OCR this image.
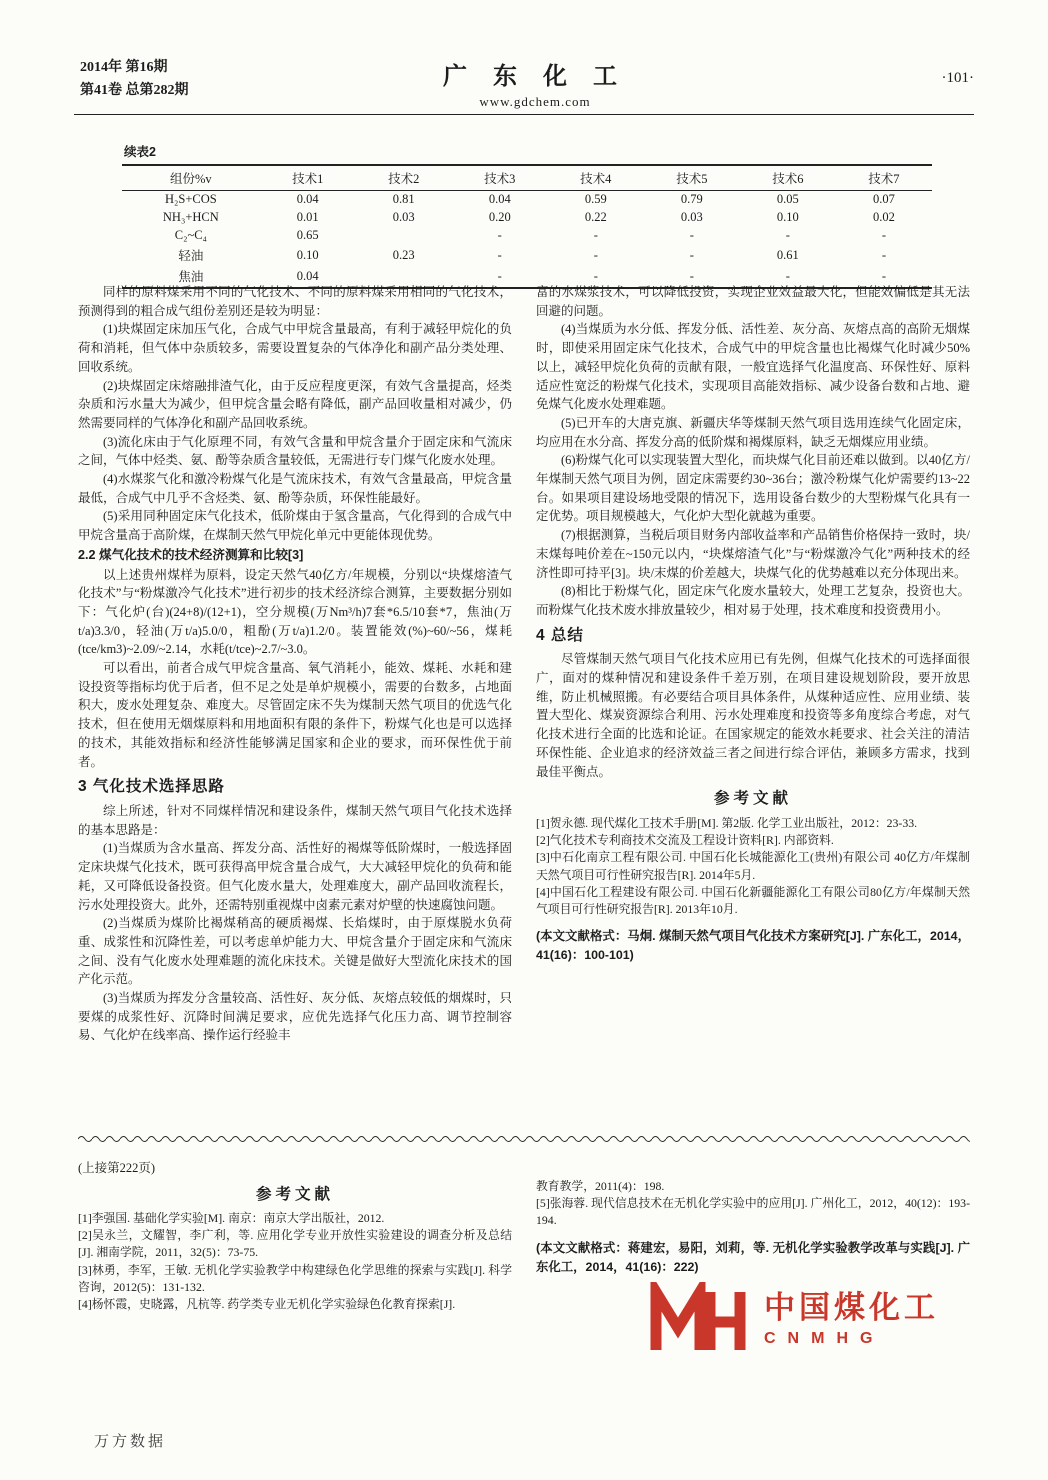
2014年 第16期
第41卷 总第282期
广 东 化 工
www.gdchem.com
·101·
续表2
组份%v	技术1	技术2	技术3	技术4	技术5	技术6	技术7
H₂S+COS	0.04	0.81	0.04	0.59	0.79	0.05	0.07
NH₃+HCN	0.01	0.03	0.20	0.22	0.03	0.10	0.02
C₂~C₄	0.65		-	-	-	-	-
轻油	0.10	0.23	-	-	-	0.61	-
焦油	0.04		-	-	-	-	-

同样的原料煤采用不同的气化技术、不同的原料煤采用相同的气化技术，预测得到的粗合成气组份差别还是较为明显：

(1)块煤固定床加压气化，合成气中甲烷含量最高，有利于减轻甲烷化的负荷和消耗，但气体中杂质较多，需要设置复杂的气体净化和副产品分类处理、回收系统。

(2)块煤固定床熔融排渣气化，由于反应程度更深，有效气含量提高，烃类杂质和污水量大为减少，但甲烷含量会略有降低，副产品回收量相对减少，仍然需要同样的气体净化和副产品回收系统。

(3)流化床由于气化原理不同，有效气含量和甲烷含量介于固定床和气流床之间，气体中烃类、氨、酚等杂质含量较低，无需进行专门煤气化废水处理。

(4)水煤浆气化和激冷粉煤气化是气流床技术，有效气含量最高，甲烷含量最低，合成气中几乎不含烃类、氨、酚等杂质，环保性能最好。

(5)采用同种固定床气化技术，低阶煤由于氢含量高，气化得到的合成气中甲烷含量高于高阶煤，在煤制天然气甲烷化单元中更能体现优势。

2.2 煤气化技术的技术经济测算和比较[3]

以上述贵州煤样为原料，设定天然气40亿方/年规模，分别以“块煤熔渣气化技术”与“粉煤激冷气化技术”进行初步的技术经济综合测算，主要数据分别如下：气化炉(台)(24+8)/(12+1)，空分规模(万Nm³/h)7套*6.5/10套*7，焦油(万t/a)3.3/0，轻油(万t/a)5.0/0，粗酚(万t/a)1.2/0。装置能效(%)~60/~56，煤耗(tce/km3)~2.09/~2.14，水耗(t/tce)~2.7/~3.0。

可以看出，前者合成气甲烷含量高、氧气消耗小，能效、煤耗、水耗和建设投资等指标均优于后者，但不足之处是单炉规模小，需要的台数多，占地面积大，废水处理复杂、难度大。尽管固定床不失为煤制天然气项目的优选气化技术，但在使用无烟煤原料和用地面积有限的条件下，粉煤气化也是可以选择的技术，其能效指标和经济性能够满足国家和企业的要求，而环保性优于前者。

3 气化技术选择思路

综上所述，针对不同煤样情况和建设条件，煤制天然气项目气化技术选择的基本思路是：

(1)当煤质为含水量高、挥发分高、活性好的褐煤等低阶煤时，一般选择固定床块煤气化技术，既可获得高甲烷含量合成气，大大减轻甲烷化的负荷和能耗，又可降低设备投资。但气化废水量大，处理难度大，副产品回收流程长，污水处理投资大。此外，还需特别重视煤中卤素元素对炉壁的快速腐蚀问题。

(2)当煤质为煤阶比褐煤稍高的硬质褐煤、长焰煤时，由于原煤脱水负荷重、成浆性和沉降性差，可以考虑单炉能力大、甲烷含量介于固定床和气流床之间、没有气化废水处理难题的流化床技术。关键是做好大型流化床技术的国产化示范。

(3)当煤质为挥发分含量较高、活性好、灰分低、灰熔点较低的烟煤时，只要煤的成浆性好、沉降时间满足要求，应优先选择气化压力高、调节控制容易、气化炉在线率高、操作运行经验丰

富的水煤浆技术，可以降低投资，实现企业效益最大化，但能效偏低是其无法回避的问题。

(4)当煤质为水分低、挥发分低、活性差、灰分高、灰熔点高的高阶无烟煤时，即使采用固定床气化技术，合成气中的甲烷含量也比褐煤气化时减少50%以上，减轻甲烷化负荷的贡献有限，一般宜选择气化温度高、环保性好、原料适应性宽泛的粉煤气化技术，实现项目高能效指标、减少设备台数和占地、避免煤气化废水处理难题。

(5)已开车的大唐克旗、新疆庆华等煤制天然气项目选用连续气化固定床，均应用在水分高、挥发分高的低阶煤和褐煤原料，缺乏无烟煤应用业绩。

(6)粉煤气化可以实现装置大型化，而块煤气化目前还难以做到。以40亿方/年煤制天然气项目为例，固定床需要约30~36台；激冷粉煤气化炉需要约13~22台。如果项目建设场地受限的情况下，选用设备台数少的大型粉煤气化具有一定优势。项目规模越大，气化炉大型化就越为重要。

(7)根据测算，当税后项目财务内部收益率和产品销售价格保持一致时，块/末煤每吨价差在~150元以内，“块煤熔渣气化”与“粉煤激冷气化”两种技术的经济性即可持平[3]。块/末煤的价差越大，块煤气化的优势越难以充分体现出来。

(8)相比于粉煤气化，固定床气化废水量较大，处理工艺复杂，投资也大。而粉煤气化技术废水排放量较少，相对易于处理，技术难度和投资费用小。

4 总结

尽管煤制天然气项目气化技术应用已有先例，但煤气化技术的可选择面很广，面对的煤种情况和建设条件千差万别，在项目建设规划阶段，要开放思维，防止机械照搬。有必要结合项目具体条件，从煤种适应性、应用业绩、装置大型化、煤炭资源综合利用、污水处理难度和投资等多角度综合考虑，对气化技术进行全面的比选和论证。在国家规定的能效水耗要求、社会关注的清洁环保性能、企业追求的经济效益三者之间进行综合评估，兼顾多方需求，找到最佳平衡点。

参考文献

[1]贺永德. 现代煤化工技术手册[M]. 第2版. 化学工业出版社，2012：23-33.

[2]气化技术专利商技术交流及工程设计资料[R]. 内部资料.

[3]中石化南京工程有限公司. 中国石化长城能源化工(贵州)有限公司 40亿方/年煤制天然气项目可行性研究报告[R]. 2014年5月.

[4]中国石化工程建设有限公司. 中国石化新疆能源化工有限公司80亿方/年煤制天然气项目可行性研究报告[R]. 2013年10月.

(本文文献格式：马炯. 煤制天然气项目气化技术方案研究[J]. 广东化工，2014，41(16)：100-101)

(上接第222页)

参考文献

[1]李强国. 基础化学实验[M]. 南京：南京大学出版社，2012.

[2]吴永兰，文耀智，李广利，等. 应用化学专业开放性实验建设的调查分析及总结[J]. 湘南学院，2011，32(5)：73-75.

[3]林勇，李军，王敏. 无机化学实验教学中构建绿色化学思维的探索与实践[J]. 科学咨询，2012(5)：131-132.

[4]杨怀霞，史晓露，凡杭等. 药学类专业无机化学实验绿色化教育探索[J].

教育教学，2011(4)：198.

[5]张海蓉. 现代信息技术在无机化学实验中的应用[J]. 广州化工，2012，40(12)：193-194.

(本文文献格式：蒋建宏，易阳，刘莉，等. 无机化学实验教学改革与实践[J]. 广东化工，2014，41(16)：222)

中国煤化工
CNMHG
万方数据
